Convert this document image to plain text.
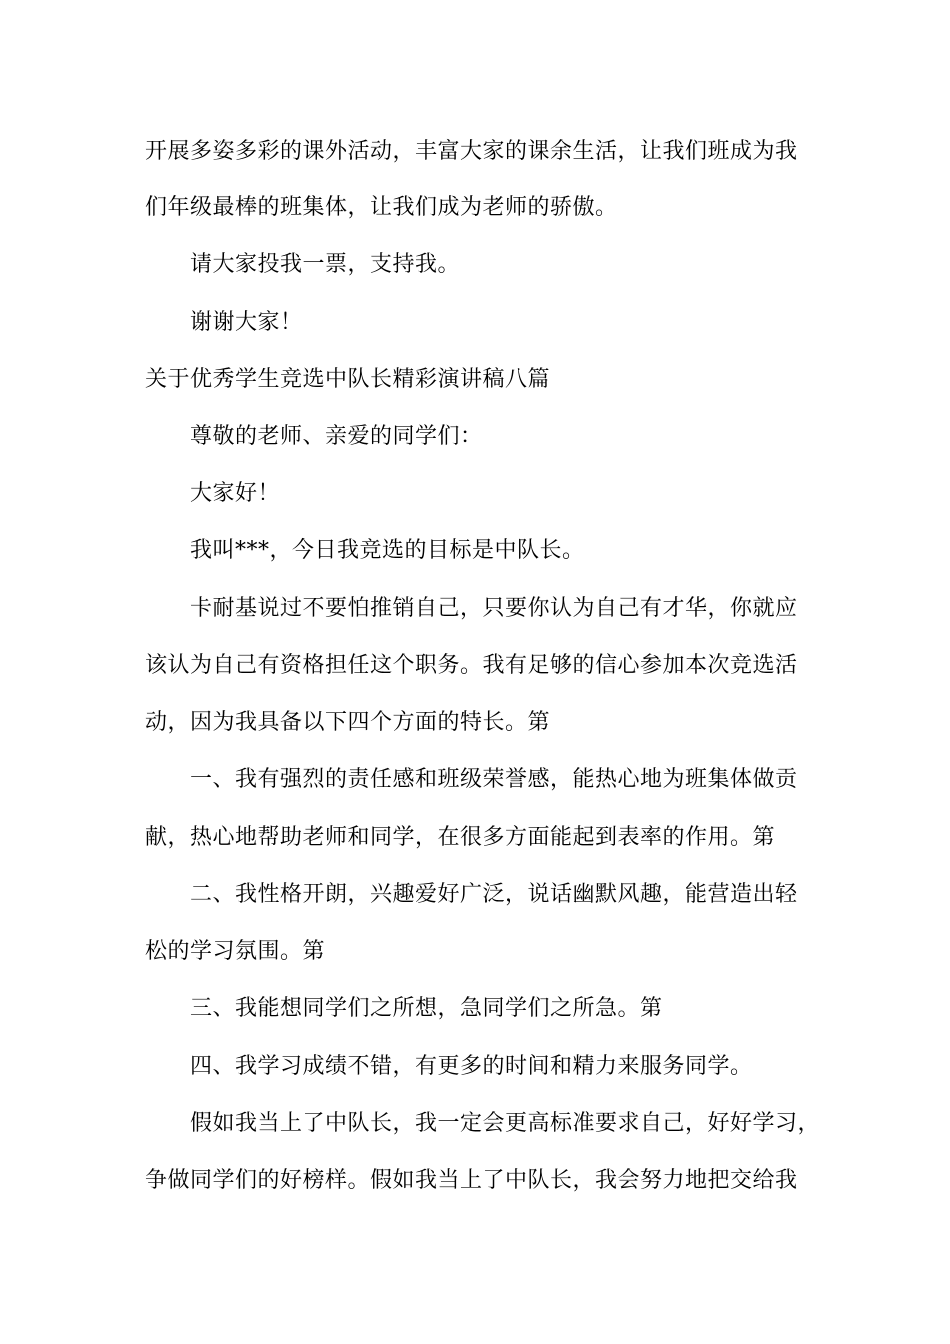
开展多姿多彩的课外活动，丰富大家的课余生活，让我们班成为我
们年级最棒的班集体，让我们成为老师的骄傲。
请大家投我一票，支持我。
谢谢大家！
关于优秀学生竞选中队长精彩演讲稿八篇
尊敬的老师、亲爱的同学们：
大家好！
我叫***，今日我竞选的目标是中队长。
卡耐基说过不要怕推销自己，只要你认为自己有才华，你就应
该认为自己有资格担任这个职务。我有足够的信心参加本次竞选活
动，因为我具备以下四个方面的特长。第
一、我有强烈的责任感和班级荣誉感，能热心地为班集体做贡
献，热心地帮助老师和同学，在很多方面能起到表率的作用。第
二、我性格开朗，兴趣爱好广泛，说话幽默风趣，能营造出轻
松的学习氛围。第
三、我能想同学们之所想，急同学们之所急。第
四、我学习成绩不错，有更多的时间和精力来服务同学。
假如我当上了中队长，我一定会更高标准要求自己，好好学习，
争做同学们的好榜样。假如我当上了中队长，我会努力地把交给我
